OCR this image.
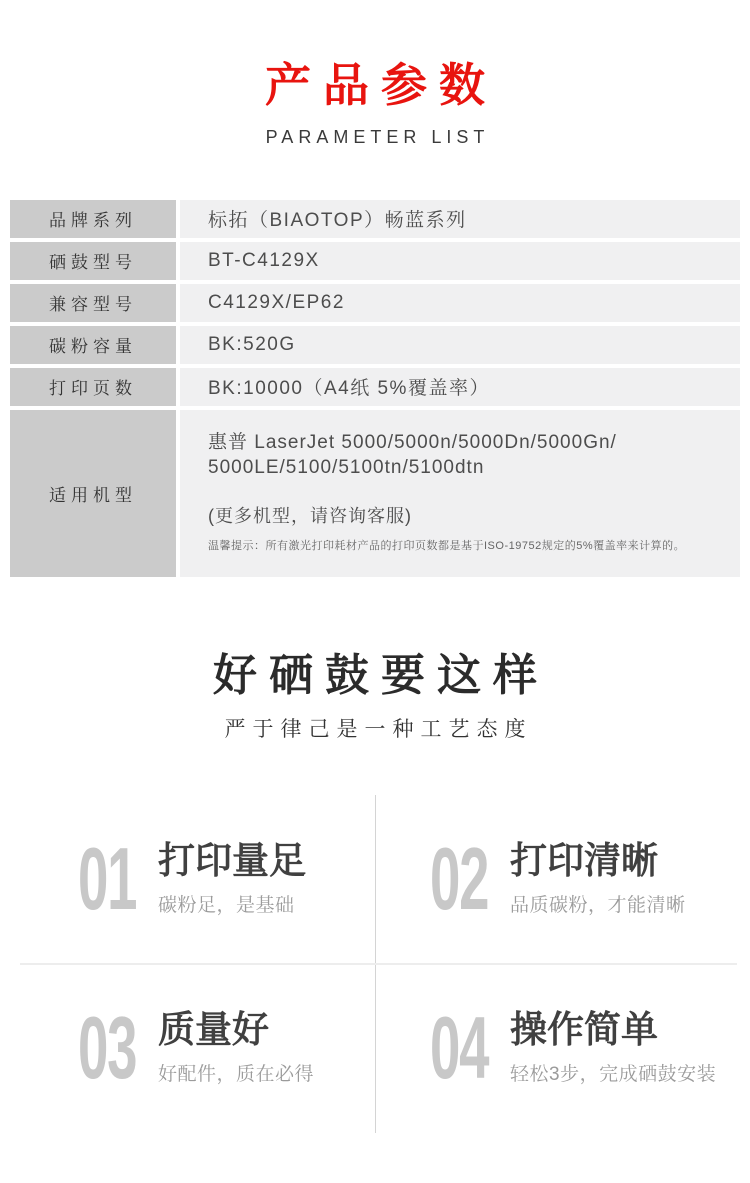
产品参数
PARAMETER LIST
品牌系列	标拓（BIAOTOP）畅蓝系列
硒鼓型号	BT-C4129X
兼容型号	C4129X/EP62
碳粉容量	BK:520G
打印页数	BK:10000（A4纸 5%覆盖率）
适用机型
惠普 LaserJet 5000/5000n/5000Dn/5000Gn/
5000LE/5100/5100tn/5100dtn
(更多机型，请咨询客服)
温馨提示：所有激光打印耗材产品的打印页数都是基于ISO-19752规定的5%覆盖率来计算的。
好硒鼓要这样
严于律己是一种工艺态度
01 打印量足
碳粉足，是基础 02 打印清晰
品质碳粉，才能清晰
03 质量好
好配件，质在必得 04 操作简单
轻松3步，完成硒鼓安装
